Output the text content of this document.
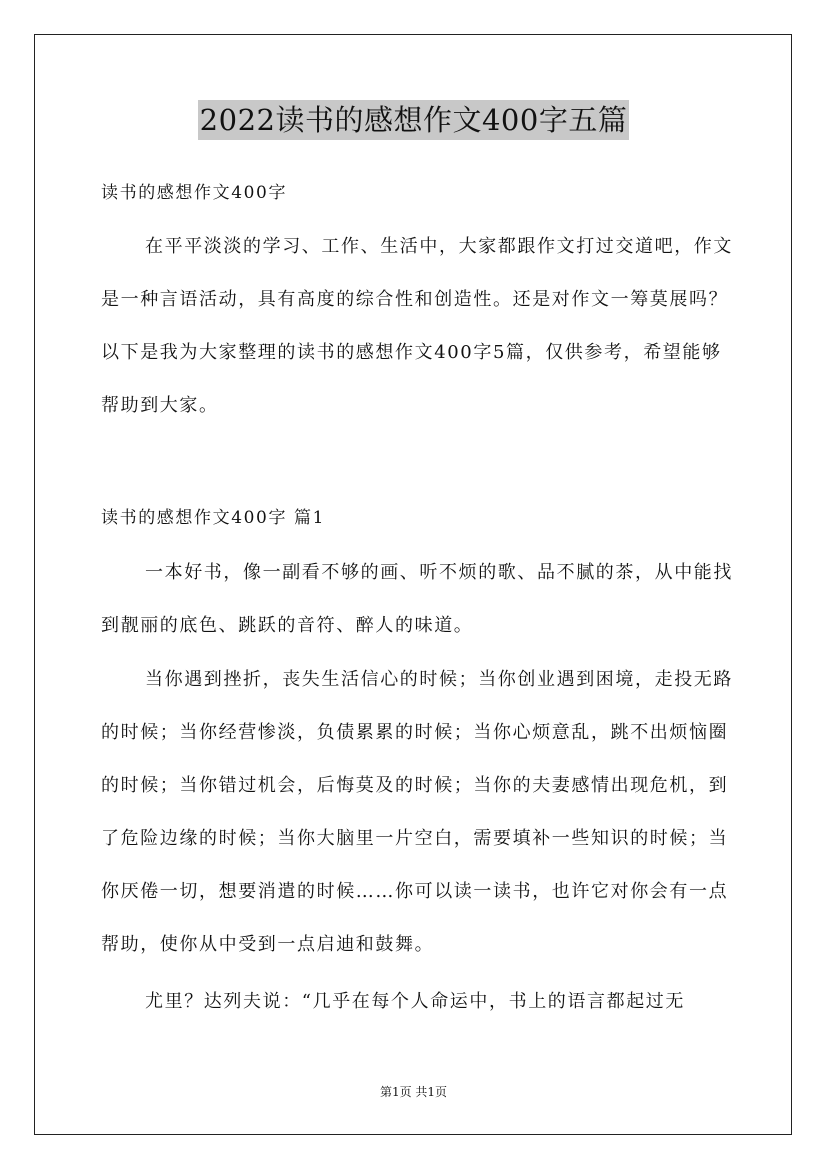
2022读书的感想作文400字五篇

读书的感想作文400字

在平平淡淡的学习、工作、生活中，大家都跟作文打过交道吧，作文是一种言语活动，具有高度的综合性和创造性。还是对作文一筹莫展吗？以下是我为大家整理的读书的感想作文400字5篇，仅供参考，希望能够帮助到大家。

读书的感想作文400字 篇1

一本好书，像一副看不够的画、听不烦的歌、品不腻的茶，从中能找到靓丽的底色、跳跃的音符、醉人的味道。

当你遇到挫折，丧失生活信心的时候；当你创业遇到困境，走投无路的时候；当你经营惨淡，负债累累的时候；当你心烦意乱，跳不出烦恼圈的时候；当你错过机会，后悔莫及的时候；当你的夫妻感情出现危机，到了危险边缘的时候；当你大脑里一片空白，需要填补一些知识的时候；当你厌倦一切，想要消遣的时候……你可以读一读书，也许它对你会有一点帮助，使你从中受到一点启迪和鼓舞。

尤里？达列夫说：“几乎在每个人命运中，书上的语言都起过无

第1页 共1页
